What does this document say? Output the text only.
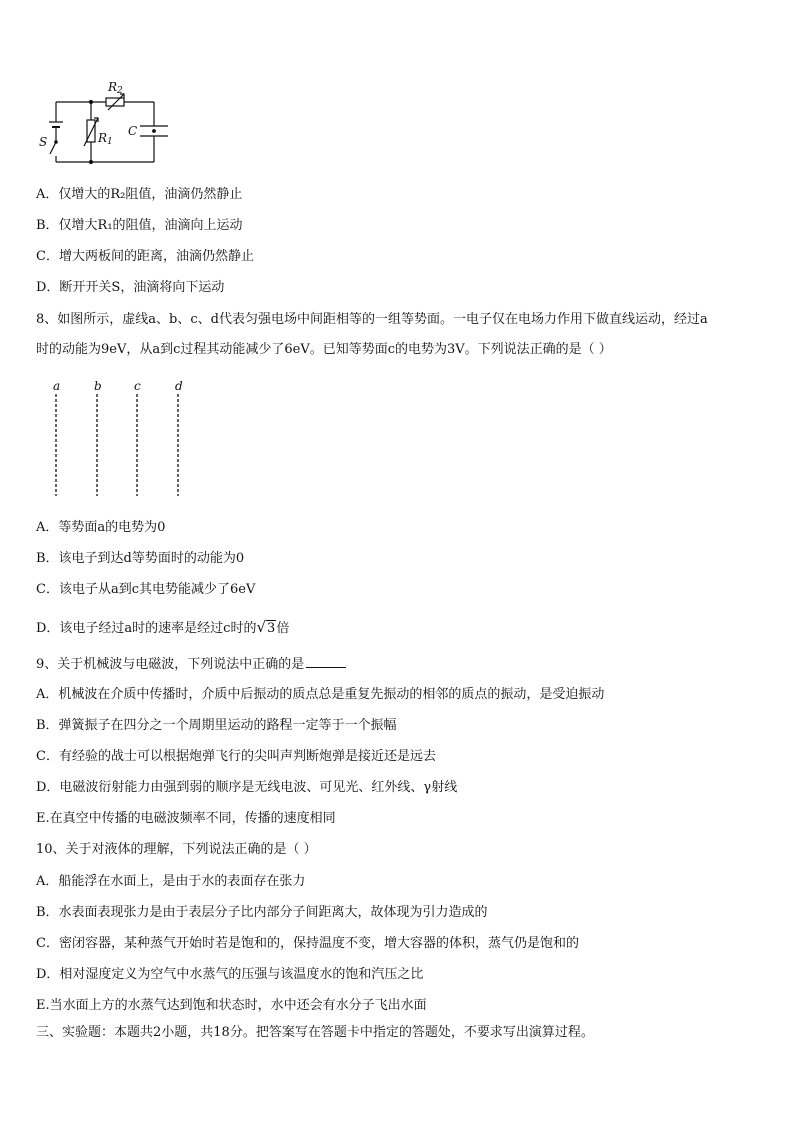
R2
R1
C
S
A．仅增大的R₂阻值，油滴仍然静止
B．仅增大R₁的阻值，油滴向上运动
C．增大两板间的距离，油滴仍然静止
D．断开开关S，油滴将向下运动
8、如图所示，虚线a、b、c、d代表匀强电场中间距相等的一组等势面。一电子仅在电场力作用下做直线运动，经过a
时的动能为9eV，从a到c过程其动能减少了6eV。已知等势面c的电势为3V。下列说法正确的是（ ）
a	b	c	d
A．等势面a的电势为0
B．该电子到达d等势面时的动能为0
C．该电子从a到c其电势能减少了6eV
D．该电子经过a时的速率是经过c时的√3倍
9、关于机械波与电磁波，下列说法中正确的是
A．机械波在介质中传播时，介质中后振动的质点总是重复先振动的相邻的质点的振动，是受迫振动
B．弹簧振子在四分之一个周期里运动的路程一定等于一个振幅
C．有经验的战士可以根据炮弹飞行的尖叫声判断炮弹是接近还是远去
D．电磁波衍射能力由强到弱的顺序是无线电波、可见光、红外线、γ射线
E.在真空中传播的电磁波频率不同，传播的速度相同
10、关于对液体的理解，下列说法正确的是（ ）
A．船能浮在水面上，是由于水的表面存在张力
B．水表面表现张力是由于表层分子比内部分子间距离大，故体现为引力造成的
C．密闭容器，某种蒸气开始时若是饱和的，保持温度不变，增大容器的体积，蒸气仍是饱和的
D．相对湿度定义为空气中水蒸气的压强与该温度水的饱和汽压之比
E.当水面上方的水蒸气达到饱和状态时，水中还会有水分子飞出水面
三、实验题：本题共2小题，共18分。把答案写在答题卡中指定的答题处，不要求写出演算过程。
